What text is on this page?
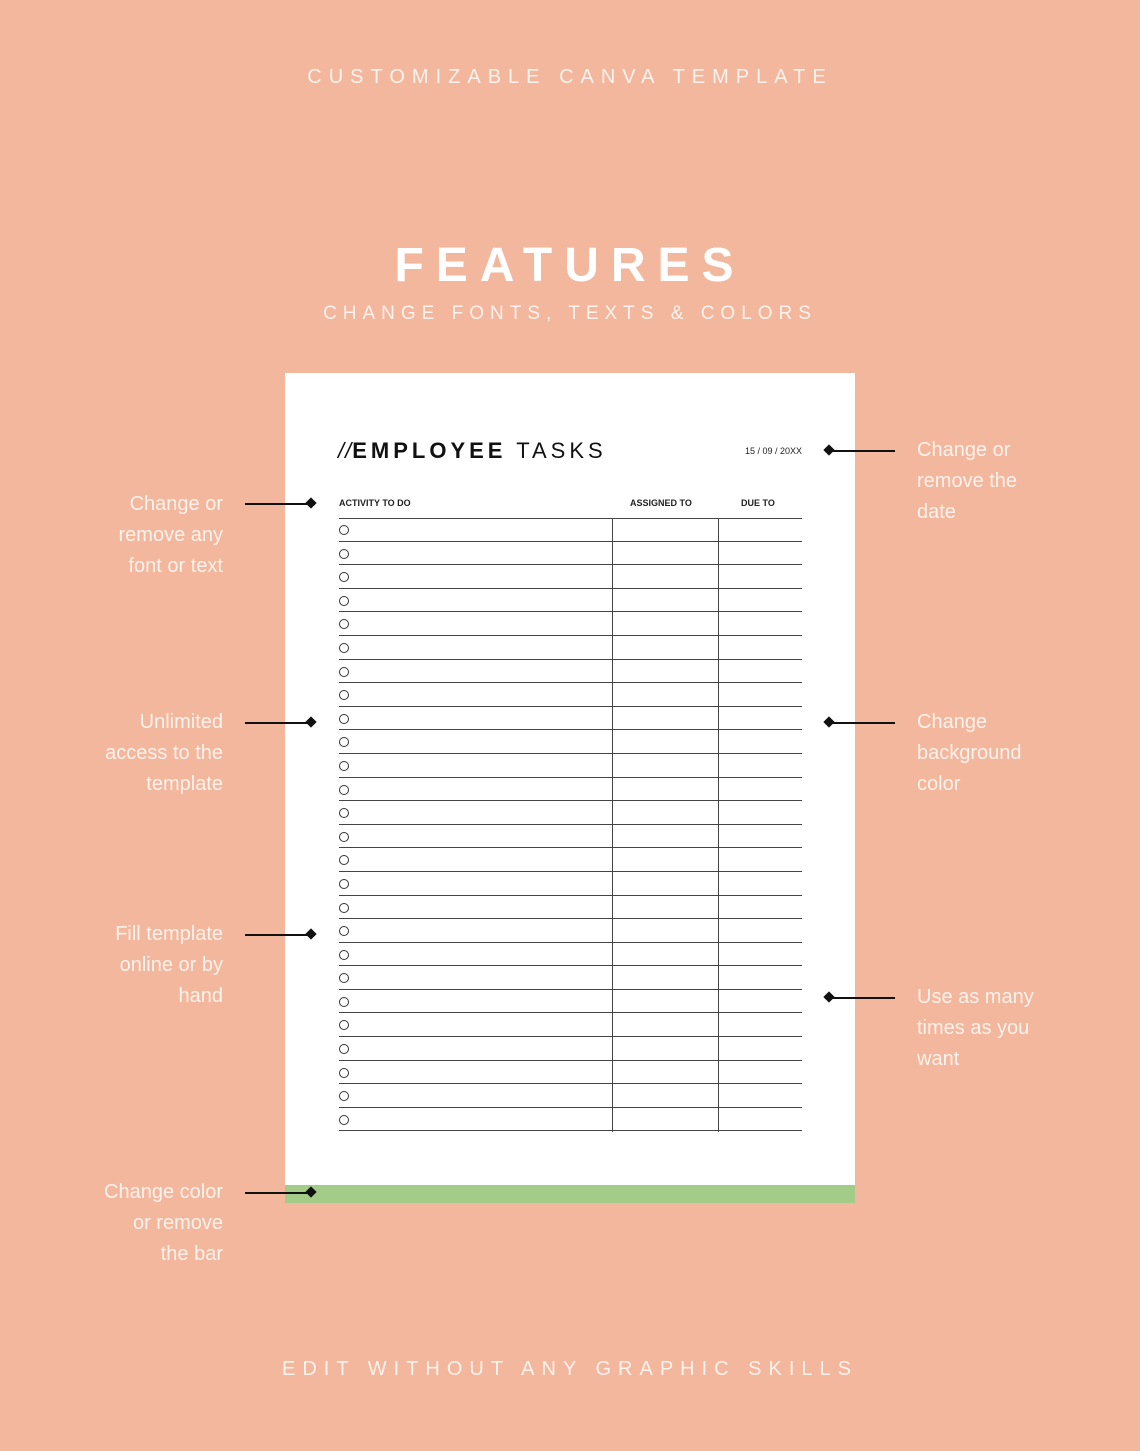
CUSTOMIZABLE CANVA TEMPLATE
FEATURES
CHANGE FONTS, TEXTS & COLORS
//EMPLOYEE TASKS	15 / 09 / 20XX
ACTIVITY TO DO	ASSIGNED TO	DUE TO
Change or
remove any
font or text
Unlimited
access to the
template
Fill template
online or by
hand
Change color
or remove
the bar
Change or
remove the
date
Change
background
color
Use as many
times as you
want
EDIT WITHOUT ANY GRAPHIC SKILLS
